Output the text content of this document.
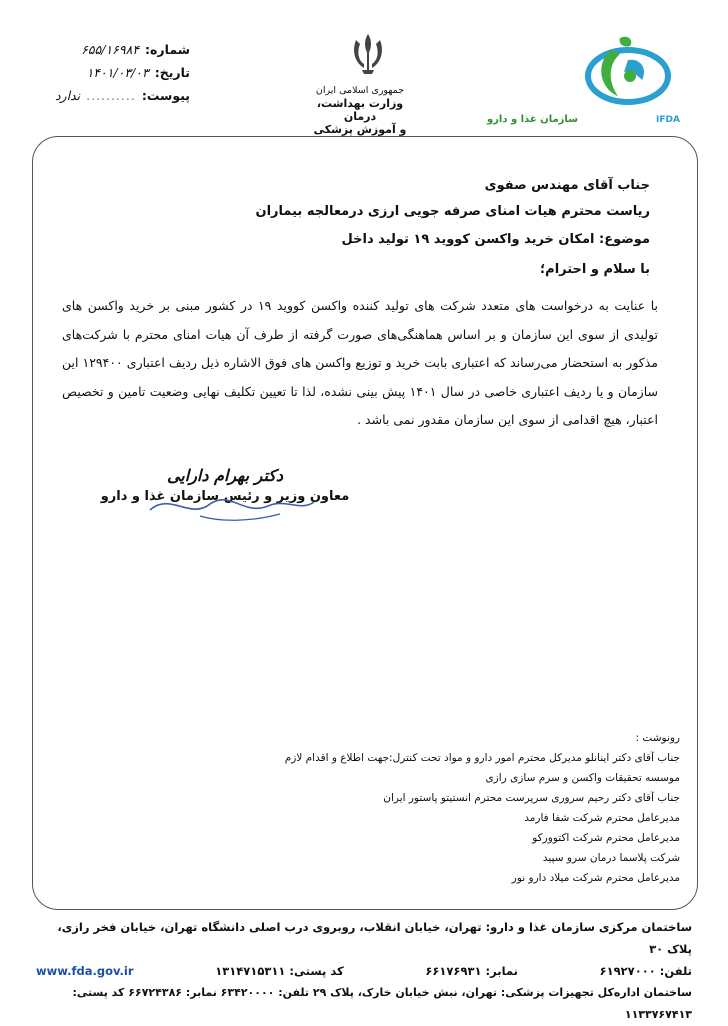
شماره:
۶۵۵/۱۶۹۸۴
تاریخ:
۱۴۰۱/۰۳/۰۳
پیوست:
..........
ندارد	جمهوری اسلامی ایران
وزارت بهداشت، درمان
و آموزش پزشکی
سازمان غذا و دارو	IFDA
جناب آقای مهندس صفوی
ریاست محترم هیات امنای صرفه جویی ارزی درمعالجه بیماران
موضوع: امکان خرید واکسن کووید ۱۹ تولید داخل
با سلام و احترام؛
با عنایت به درخواست های متعدد شرکت های تولید کننده واکسن کووید ۱۹ در کشور مبنی بر خرید واکسن های تولیدی از سوی این سازمان و بر اساس هماهنگی‌های صورت گرفته از طرف آن هیات امنای محترم با شرکت‌های مذکور به استحضار می‌رساند که اعتباری بابت خرید و توزیع واکسن های فوق الاشاره ذیل ردیف اعتباری ۱۲۹۴۰۰ این سازمان و یا ردیف اعتباری خاصی در سال ۱۴۰۱ پیش بینی نشده، لذا تا تعیین تکلیف نهایی وضعیت تامین و تخصیص اعتبار، هیچ اقدامی از سوی این سازمان مقدور نمی باشد .
دکتر بهرام دارایی
معاون وزیر و رئیس سازمان غذا و دارو
رونوشت :
جناب آقای دکتر اینانلو مدیرکل محترم امور دارو و مواد تحت کنترل:جهت اطلاع و اقدام لازم
موسسه تحقیقات واکسن و سرم سازی رازی
جناب آقای دکتر رحیم سروری سرپرست محترم انستیتو پاستور ایران
مدیرعامل محترم شرکت شفا فارمد
مدیرعامل محترم شرکت اکتوورکو
شرکت پلاسما درمان سرو سپید
مدیرعامل محترم شرکت میلاد دارو نور
ساختمان مرکزی سازمان غذا و دارو: تهران، خیابان انقلاب، روبروی درب اصلی دانشگاه تهران، خیابان فخر رازی، پلاک ۳۰
تلفن: ۶۱۹۲۷۰۰۰
نمابر: ۶۶۱۷۶۹۳۱
کد پستی: ۱۳۱۴۷۱۵۳۱۱
www.fda.gov.ir
ساختمان اداره‌کل تجهیزات پزشکی: تهران، نبش خیابان خارک، پلاک ۲۹ تلفن: ۶۳۴۲۰۰۰۰ نمابر: ۶۶۷۲۴۳۸۶ کد پستی: ۱۱۳۳۷۶۷۴۱۳
